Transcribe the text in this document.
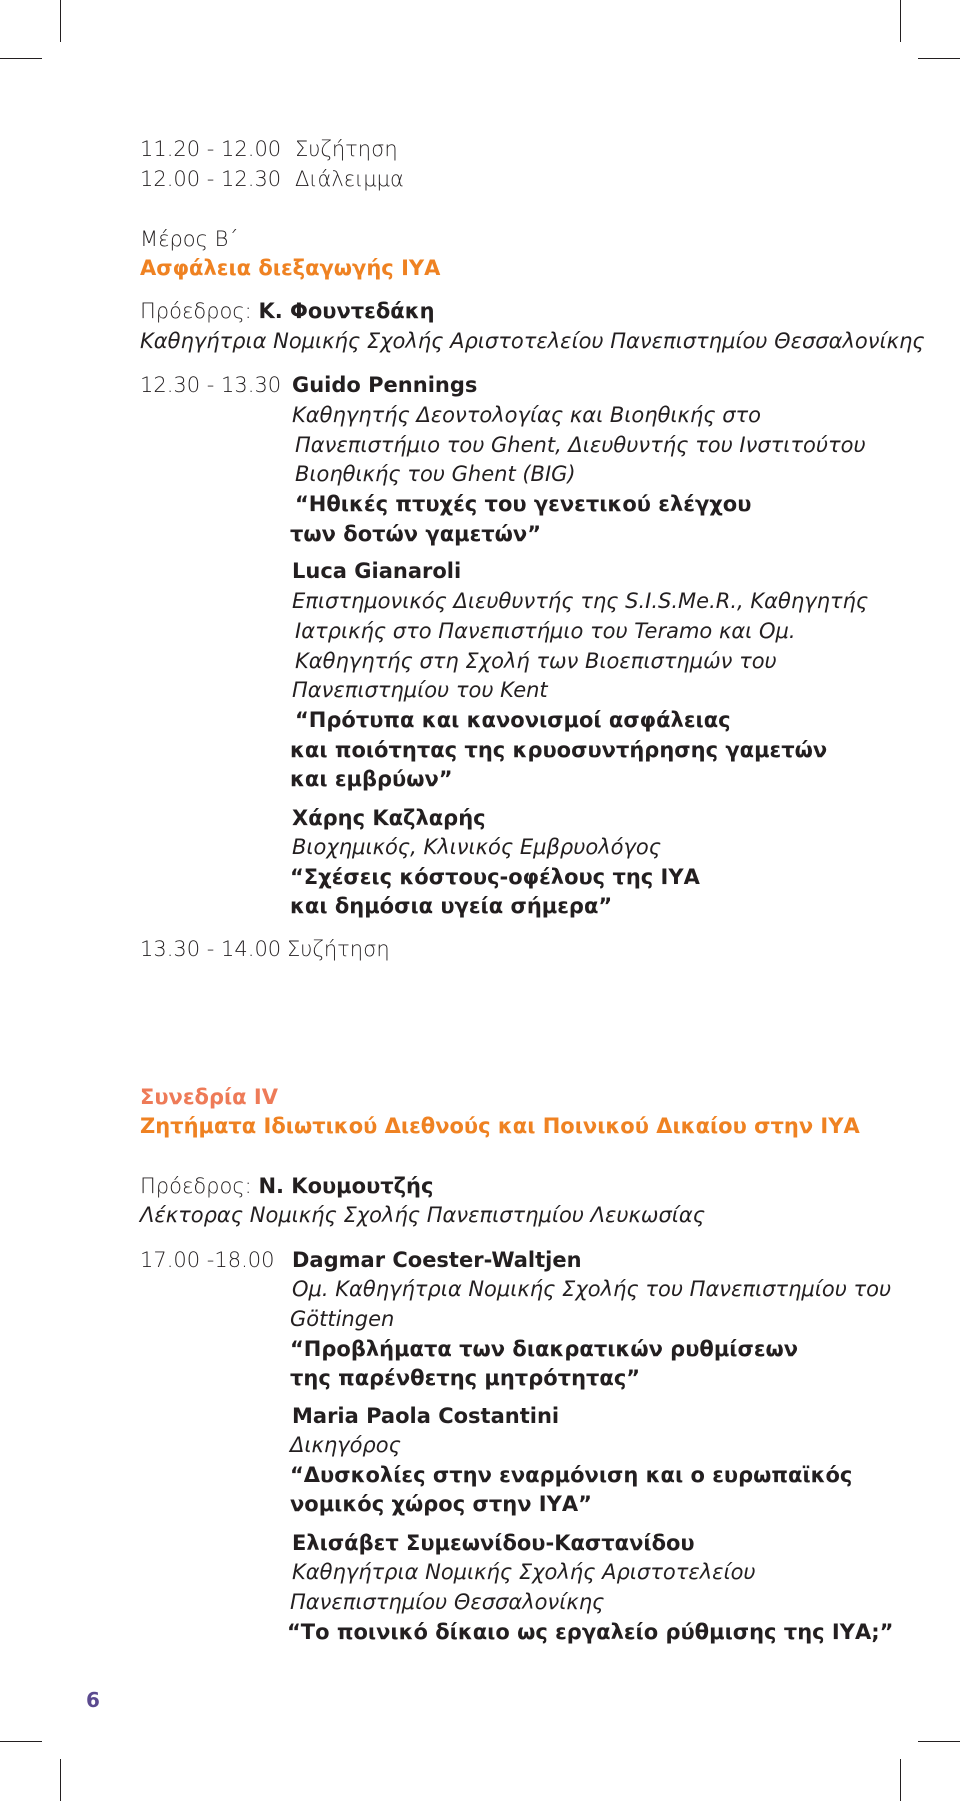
11.20 - 12.00 Συζήτηση
12.00 - 12.30 Διάλειμμα
Μέρος Β΄
Ασφάλεια διεξαγωγής ΙΥΑ
Πρόεδρος: Κ. Φουντεδάκη
Καθηγήτρια Νομικής Σχολής Αριστοτελείου Πανεπιστημίου Θεσσαλονίκης
12.30 - 13.30 Guido Pennings
Καθηγητής Δεοντολογίας και Βιοηθικής στο
Πανεπιστήμιο του Ghent, Διευθυντής του Ινστιτούτου
Βιοηθικής του Ghent (BIG)
“Ηθικές πτυχές του γενετικού ελέγχου
των δοτών γαμετών”
Luca Gianaroli
Επιστημονικός Διευθυντής της S.I.S.Me.R., Καθηγητής
Ιατρικής στο Πανεπιστήμιο του Teramo και Ομ.
Καθηγητής στη Σχολή των Βιοεπιστημών του
Πανεπιστημίου του Kent
“Πρότυπα και κανονισμοί ασφάλειας
και ποιότητας της κρυοσυντήρησης γαμετών
και εμβρύων”
Χάρης Καζλαρής
Βιοχημικός, Κλινικός Εμβρυολόγος
“Σχέσεις κόστους-οφέλους της ΙΥΑ
και δημόσια υγεία σήμερα”
13.30 - 14.00 Συζήτηση
Συνεδρία IV
Ζητήματα Ιδιωτικού Διεθνούς και Ποινικού Δικαίου στην ΙΥΑ
Πρόεδρος: Ν. Κουμουτζής
Λέκτορας Νομικής Σχολής Πανεπιστημίου Λευκωσίας
17.00 -18.00 Dagmar Coester-Waltjen
Ομ. Καθηγήτρια Νομικής Σχολής του Πανεπιστημίου του
Göttingen
“Προβλήματα των διακρατικών ρυθμίσεων
της παρένθετης μητρότητας”
Maria Paola Costantini
Δικηγόρος
“Δυσκολίες στην εναρμόνιση και ο ευρωπαϊκός
νομικός χώρος στην ΙΥΑ”
Ελισάβετ Συμεωνίδου-Καστανίδου
Καθηγήτρια Νομικής Σχολής Αριστοτελείου
Πανεπιστημίου Θεσσαλονίκης
“Το ποινικό δίκαιο ως εργαλείο ρύθμισης της ΙΥΑ;”
6
